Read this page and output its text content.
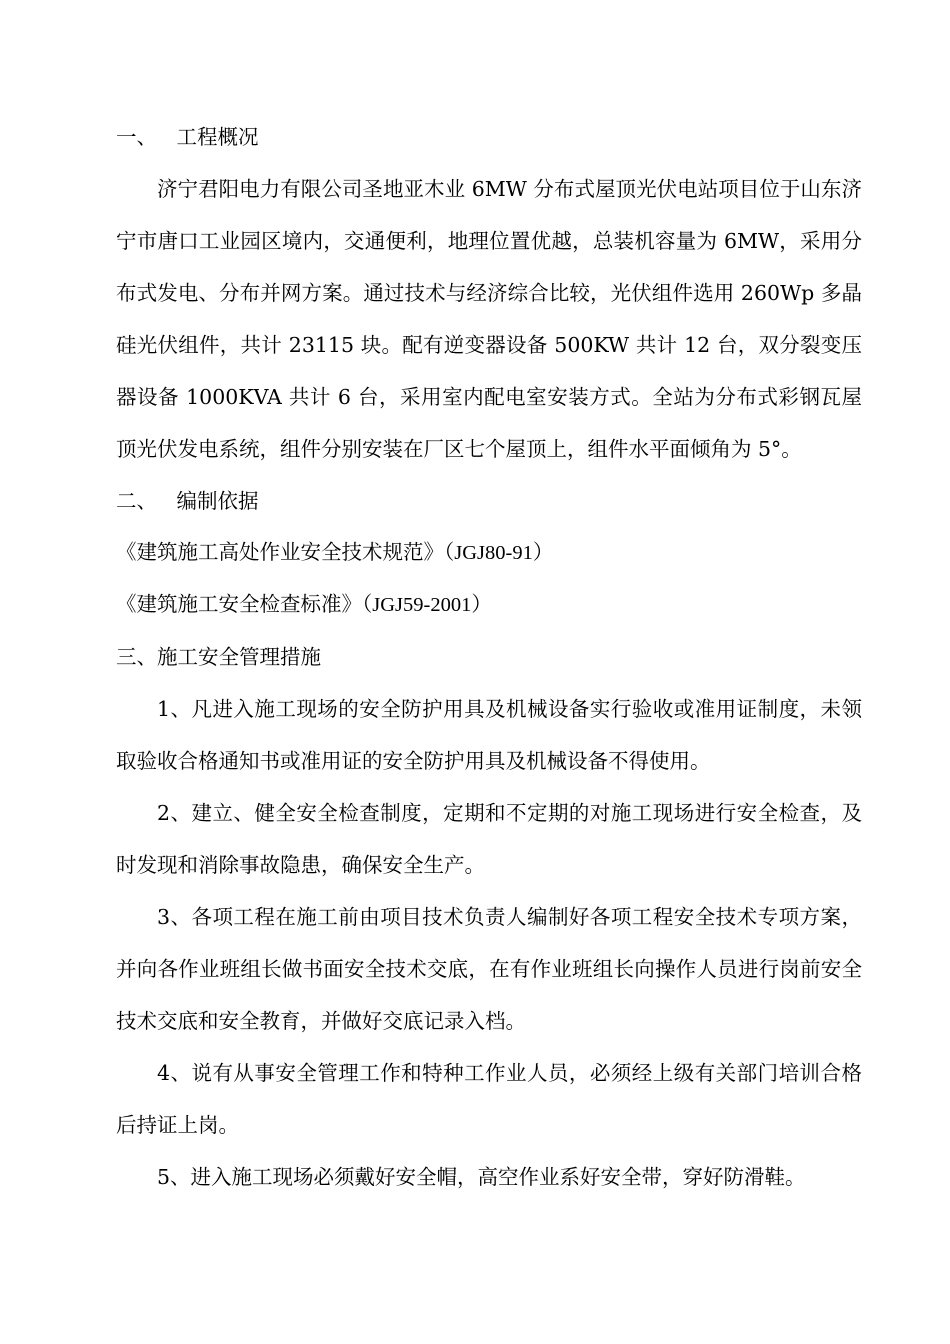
一、   工程概况

济宁君阳电力有限公司圣地亚木业 6MW 分布式屋顶光伏电站项目位于山东济宁市唐口工业园区境内，交通便利，地理位置优越，总装机容量为 6MW，采用分布式发电、分布并网方案。通过技术与经济综合比较，光伏组件选用 260Wp 多晶硅光伏组件，共计 23115 块。配有逆变器设备 500KW 共计 12 台，双分裂变压器设备 1000KVA 共计 6 台，采用室内配电室安装方式。全站为分布式彩钢瓦屋顶光伏发电系统，组件分别安装在厂区七个屋顶上，组件水平面倾角为 5°。

二、   编制依据

《建筑施工高处作业安全技术规范》（JGJ80-91）

《建筑施工安全检查标准》（JGJ59-2001）

三、施工安全管理措施

1、凡进入施工现场的安全防护用具及机械设备实行验收或准用证制度，未领取验收合格通知书或准用证的安全防护用具及机械设备不得使用。

2、建立、健全安全检查制度，定期和不定期的对施工现场进行安全检查，及时发现和消除事故隐患，确保安全生产。

3、各项工程在施工前由项目技术负责人编制好各项工程安全技术专项方案，并向各作业班组长做书面安全技术交底，在有作业班组长向操作人员进行岗前安全技术交底和安全教育，并做好交底记录入档。

4、说有从事安全管理工作和特种工作业人员，必须经上级有关部门培训合格后持证上岗。

5、进入施工现场必须戴好安全帽，高空作业系好安全带，穿好防滑鞋。
